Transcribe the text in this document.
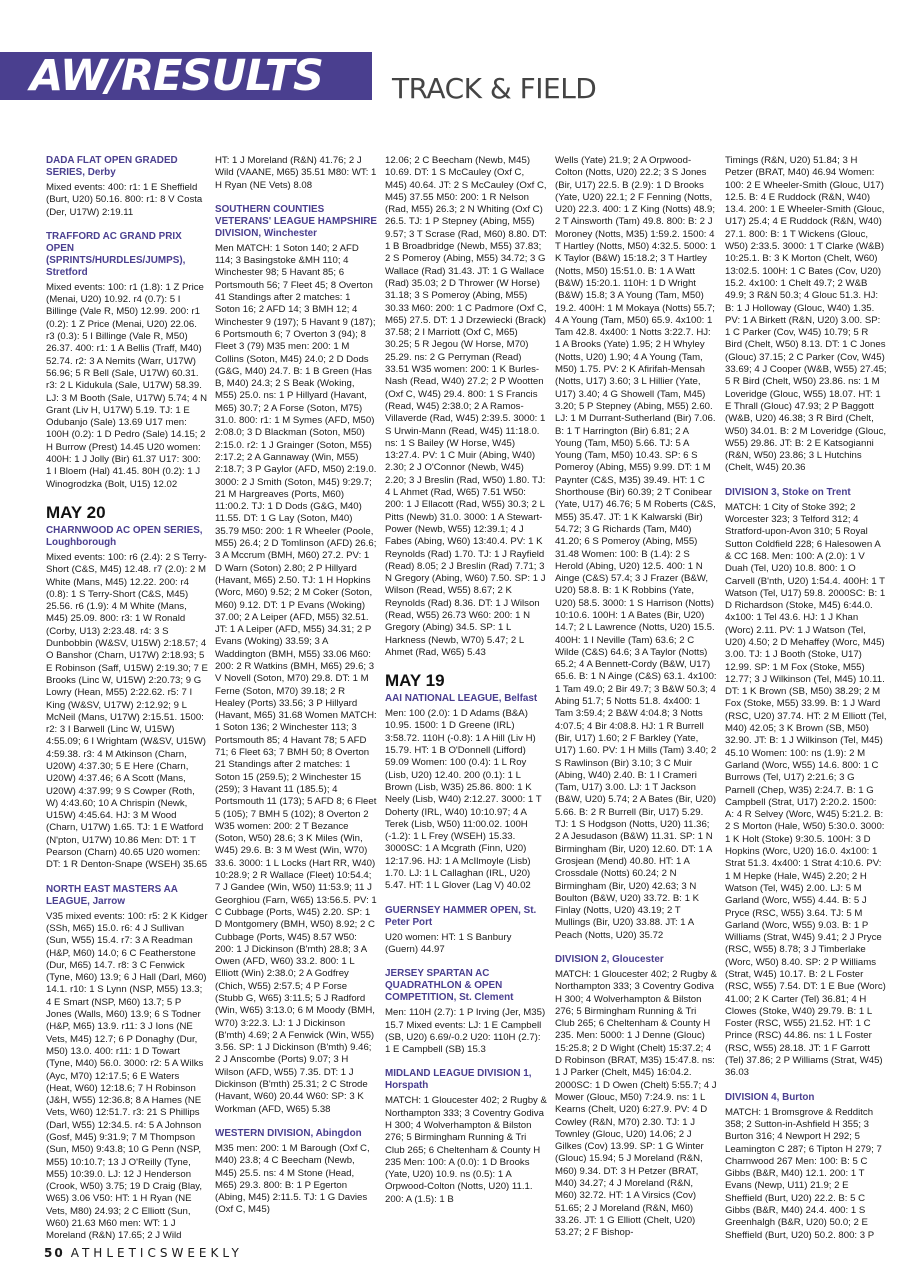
AW/RESULTS TRACK & FIELD
DADA FLAT OPEN GRADED SERIES, Derby

Mixed events: 400: r1: 1 E Sheffield (Burt, U20) 50.16. 800: r1: 8 V Costa (Der, U17W) 2:19.11

TRAFFORD AC GRAND PRIX OPEN (SPRINTS/HURDLES/JUMPS), Stretford

Mixed events: 100: r1 (1.8): 1 Z Price (Menai, U20) 10.92. r4 (0.7): 5 I Billinge (Vale R, M50) 12.99. 200: r1 (0.2): 1 Z Price (Menai, U20) 22.06. r3 (0.3): 5 I Billinge (Vale R, M50) 26.37. 400: r1: 1 A Bellis (Traff, M40) 52.74. r2: 3 A Nemits (Warr, U17W) 56.96; 5 R Bell (Sale, U17W) 60.31. r3: 2 L Kidukula (Sale, U17W) 58.39. LJ: 3 M Booth (Sale, U17W) 5.74; 4 N Grant (Liv H, U17W) 5.19. TJ: 1 E Odubanjo (Sale) 13.69 U17 men: 100H (0.2): 1 D Pedro (Sale) 14.15; 2 H Burrow (Prest) 14.45 U20 women: 400H: 1 J Jolly (Bir) 61.37 U17: 300: 1 I Bloem (Hal) 41.45. 80H (0.2): 1 J Winogrodzka (Bolt, U15) 12.02

MAY 20
CHARNWOOD AC OPEN SERIES, Loughborough

Mixed events: 100: r6 (2.4): 2 S Terry-Short (C&S, M45) 12.48. r7 (2.0): 2 M White (Mans, M45) 12.22. 200: r4 (0.8): 1 S Terry-Short (C&S, M45) 25.56. r6 (1.9): 4 M White (Mans, M45) 25.09. 800: r3: 1 W Ronald (Corby, U13) 2:23.48. r4: 3 S Dunbobbin (W&SV, U15W) 2:18.57; 4 O Banshor (Charn, U17W) 2:18.93; 5 E Robinson (Saff, U15W) 2:19.30; 7 E Brooks (Linc W, U15W) 2:20.73; 9 G Lowry (Hean, M55) 2:22.62. r5: 7 I King (W&SV, U17W) 2:12.92; 9 L McNeil (Mans, U17W) 2:15.51. 1500: r2: 3 I Barwell (Linc W, U15W) 4:55.09; 6 I Wrightam (W&SV, U15W) 4:59.38. r3: 4 M Atkinson (Charn, U20W) 4:37.30; 5 E Here (Charn, U20W) 4:37.46; 6 A Scott (Mans, U20W) 4:37.99; 9 S Cowper (Roth, W) 4:43.60; 10 A Chrispin (Newk, U15W) 4:45.64. HJ: 3 M Wood (Charn, U17W) 1.65. TJ: 1 E Watford (N'pton, U17W) 10.86 Men: DT: 1 T Pearson (Charn) 40.65 U20 women: DT: 1 R Denton-Snape (WSEH) 35.65

NORTH EAST MASTERS AA LEAGUE, Jarrow

V35 mixed events: 100: r5: 2 K Kidger (SSh, M65) 15.0. r6: 4 J Sullivan (Sun, W55) 15.4. r7: 3 A Readman (H&P, M60) 14.0; 6 C Featherstone (Dur, M65) 14.7. r8: 3 C Fenwick (Tyne, M60) 13.9; 6 J Hall (Darl, M60) 14.1. r10: 1 S Lynn (NSP, M55) 13.3; 4 E Smart (NSP, M60) 13.7; 5 P Jones (Walls, M60) 13.9; 6 S Todner (H&P, M65) 13.9. r11: 3 J Ions (NE Vets, M45) 12.7; 6 P Donaghy (Dur, M50) 13.0. 400: r11: 1 D Towart (Tyne, M40) 56.0. 3000: r2: 5 A Wilks (Ayc, M70) 12:17.5; 6 E Waters (Heat, W60) 12:18.6; 7 H Robinson (J&H, W55) 12:36.8; 8 A Hames (NE Vets, W60) 12:51.7. r3: 21 S Phillips (Darl, W55) 12:34.5. r4: 5 A Johnson (Gosf, M45) 9:31.9; 7 M Thompson (Sun, M50) 9:43.8; 10 G Penn (NSP, M55) 10:10.7; 13 J O'Reilly (Tyne, M55) 10:39.0. LJ: 12 J Henderson (Crook, W50) 3.75; 19 D Craig (Blay, W65) 3.06 V50: HT: 1 H Ryan (NE Vets, M80) 24.93; 2 C Elliott (Sun, W60) 21.63 M60 men: WT: 1 J Moreland (R&N) 17.65; 2 J Wild

HT: 1 J Moreland (R&N) 41.76; 2 J Wild (VAANE, M65) 35.51 M80: WT: 1 H Ryan (NE Vets) 8.08

SOUTHERN COUNTIES VETERANS' LEAGUE HAMPSHIRE DIVISION, Winchester

Men MATCH: 1 Soton 140; 2 AFD 114; 3 Basingstoke &MH 110; 4 Winchester 98; 5 Havant 85; 6 Portsmouth 56; 7 Fleet 45; 8 Overton 41 Standings after 2 matches: 1 Soton 16; 2 AFD 14; 3 BMH 12; 4 Winchester 9 (197); 5 Havant 9 (187); 6 Portsmouth 6; 7 Overton 3 (94); 8 Fleet 3 (79) M35 men: 200: 1 M Collins (Soton, M45) 24.0; 2 D Dods (G&G, M40) 24.7. B: 1 B Green (Has B, M40) 24.3; 2 S Beak (Woking, M55) 25.0. ns: 1 P Hillyard (Havant, M65) 30.7; 2 A Forse (Soton, M75) 31.0. 800: r1: 1 M Symes (AFD, M50) 2:08.0; 3 D Blackman (Soton, M50) 2:15.0. r2: 1 J Grainger (Soton, M55) 2:17.2; 2 A Gannaway (Win, M55) 2:18.7; 3 P Gaylor (AFD, M50) 2:19.0. 3000: 2 J Smith (Soton, M45) 9:29.7; 21 M Hargreaves (Ports, M60) 11:00.2. TJ: 1 D Dods (G&G, M40) 11.55. DT: 1 G Lay (Soton, M40) 35.79 M50: 200: 1 R Wheeler (Poole, M55) 26.4; 2 D Tomlinson (AFD) 26.6; 3 A Mccrum (BMH, M60) 27.2. PV: 1 D Warn (Soton) 2.80; 2 P Hillyard (Havant, M65) 2.50. TJ: 1 H Hopkins (Worc, M60) 9.52; 2 M Coker (Soton, M60) 9.12. DT: 1 P Evans (Woking) 37.00; 2 A Leiper (AFD, M55) 32.51. JT: 1 A Leiper (AFD, M55) 34.31; 2 P Evans (Woking) 33.59; 3 A Waddington (BMH, M55) 33.06 M60: 200: 2 R Watkins (BMH, M65) 29.6; 3 V Novell (Soton, M70) 29.8. DT: 1 M Ferne (Soton, M70) 39.18; 2 R Healey (Ports) 33.56; 3 P Hillyard (Havant, M65) 31.68 Women MATCH: 1 Soton 136; 2 Winchester 113; 3 Portsmouth 85; 4 Havant 78; 5 AFD 71; 6 Fleet 63; 7 BMH 50; 8 Overton 21 Standings after 2 matches: 1 Soton 15 (259.5); 2 Winchester 15 (259); 3 Havant 11 (185.5); 4 Portsmouth 11 (173); 5 AFD 8; 6 Fleet 5 (105); 7 BMH 5 (102); 8 Overton 2 W35 women: 200: 2 T Bezance (Soton, W50) 28.6; 3 K Miles (Win, W45) 29.6. B: 3 M West (Win, W70) 33.6. 3000: 1 L Locks (Hart RR, W40) 10:28.9; 2 R Wallace (Fleet) 10:54.4; 7 J Gandee (Win, W50) 11:53.9; 11 J Georghiou (Farn, W65) 13:56.5. PV: 1 C Cubbage (Ports, W45) 2.20. SP: 1 D Montgomery (BMH, W50) 8.92; 2 C Cubbage (Ports, W45) 8.57 W50: 200: 1 J Dickinson (B'mth) 28.8; 3 A Owen (AFD, W60) 33.2. 800: 1 L Elliott (Win) 2:38.0; 2 A Godfrey (Chich, W55) 2:57.5; 4 P Forse (Stubb G, W65) 3:11.5; 5 J Radford (Win, W65) 3:13.0; 6 M Moody (BMH, W70) 3:22.3. LJ: 1 J Dickinson (B'mth) 4.69; 2 A Fenwick (Win, W55) 3.56. SP: 1 J Dickinson (B'mth) 9.46; 2 J Anscombe (Ports) 9.07; 3 H Wilson (AFD, W55) 7.35. DT: 1 J Dickinson (B'mth) 25.31; 2 C Strode (Havant, W60) 20.44 W60: SP: 3 K Workman (AFD, W65) 5.38

WESTERN DIVISION, Abingdon

M35 men: 200: 1 M Barough (Oxf C, M40) 23.8; 4 C Beecham (Newb, M45) 25.5. ns: 4 M Stone (Head, M65) 29.3. 800: B: 1 P Egerton (Abing, M45) 2:11.5. TJ: 1 G Davies (Oxf C, M45)

12.06; 2 C Beecham (Newb, M45) 10.69. DT: 1 S McCauley (Oxf C, M45) 40.64. JT: 2 S McCauley (Oxf C, M45) 37.55 M50: 200: 1 R Nelson (Rad, M55) 26.3; 2 N Whiting (Oxf C) 26.5. TJ: 1 P Stepney (Abing, M55) 9.57; 3 T Scrase (Rad, M60) 8.80. DT: 1 B Broadbridge (Newb, M55) 37.83; 2 S Pomeroy (Abing, M55) 34.72; 3 G Wallace (Rad) 31.43. JT: 1 G Wallace (Rad) 35.03; 2 D Thrower (W Horse) 31.18; 3 S Pomeroy (Abing, M55) 30.33 M60: 200: 1 C Padmore (Oxf C, M65) 27.5. DT: 1 J Drzewiecki (Brack) 37.58; 2 I Marriott (Oxf C, M65) 30.25; 5 R Jegou (W Horse, M70) 25.29. ns: 2 G Perryman (Read) 33.51 W35 women: 200: 1 K Burles-Nash (Read, W40) 27.2; 2 P Wootten (Oxf C, W45) 29.4. 800: 1 S Francis (Read, W45) 2:38.0; 2 A Ramos-Villaverde (Rad, W45) 2:39.5. 3000: 1 S Urwin-Mann (Read, W45) 11:18.0. ns: 1 S Bailey (W Horse, W45) 13:27.4. PV: 1 C Muir (Abing, W40) 2.30; 2 J O'Connor (Newb, W45) 2.20; 3 J Breslin (Rad, W50) 1.80. TJ: 4 L Ahmet (Rad, W65) 7.51 W50: 200: 1 J Ellacott (Rad, W55) 30.3; 2 L Pitts (Newb) 31.0. 3000: 1 A Stewart-Power (Newb, W55) 12:39.1; 4 J Fabes (Abing, W60) 13:40.4. PV: 1 K Reynolds (Rad) 1.70. TJ: 1 J Rayfield (Read) 8.05; 2 J Breslin (Rad) 7.71; 3 N Gregory (Abing, W60) 7.50. SP: 1 J Wilson (Read, W55) 8.67; 2 K Reynolds (Rad) 8.36. DT: 1 J Wilson (Read, W55) 26.73 W60: 200: 1 N Gregory (Abing) 34.5. SP: 1 L Harkness (Newb, W70) 5.47; 2 L Ahmet (Rad, W65) 5.43

MAY 19
AAI NATIONAL LEAGUE, Belfast

Men: 100 (2.0): 1 D Adams (B&A) 10.95. 1500: 1 D Greene (IRL) 3:58.72. 110H (-0.8): 1 A Hill (Liv H) 15.79. HT: 1 B O'Donnell (Lifford) 59.09 Women: 100 (0.4): 1 L Roy (Lisb, U20) 12.40. 200 (0.1): 1 L Brown (Lisb, W35) 25.86. 800: 1 K Neely (Lisb, W40) 2:12.27. 3000: 1 T Doherty (IRL, W40) 10:10.97; 4 A Terek (Lisb, W50) 11:00.02. 100H (-1.2): 1 L Frey (WSEH) 15.33. 3000SC: 1 A Mcgrath (Finn, U20) 12:17.96. HJ: 1 A McIlmoyle (Lisb) 1.70. LJ: 1 L Callaghan (IRL, U20) 5.47. HT: 1 L Glover (Lag V) 40.02

GUERNSEY HAMMER OPEN, St. Peter Port

U20 women: HT: 1 S Banbury (Guern) 44.97

JERSEY SPARTAN AC QUADRATHLON & OPEN COMPETITION, St. Clement

Men: 110H (2.7): 1 P Irving (Jer, M35) 15.7 Mixed events: LJ: 1 E Campbell (SB, U20) 6.69/-0.2 U20: 110H (2.7): 1 E Campbell (SB) 15.3

MIDLAND LEAGUE DIVISION 1, Horspath

MATCH: 1 Gloucester 402; 2 Rugby & Northampton 333; 3 Coventry Godiva H 300; 4 Wolverhampton & Bilston 276; 5 Birmingham Running & Tri Club 265; 6 Cheltenham & County H 235 Men: 100: A (0.0): 1 D Brooks (Yate, U20) 10.9. ns (0.5): 1 A Orpwood-Colton (Notts, U20) 11.1. 200: A (1.5): 1 B

Wells (Yate) 21.9; 2 A Orpwood-Colton (Notts, U20) 22.2; 3 S Jones (Bir, U17) 22.5. B (2.9): 1 D Brooks (Yate, U20) 22.1; 2 F Fenning (Notts, U20) 22.3. 400: 1 Z King (Notts) 48.9; 2 T Ainsworth (Tam) 49.8. 800: B: 2 J Moroney (Notts, M35) 1:59.2. 1500: 4 T Hartley (Notts, M50) 4:32.5. 5000: 1 K Taylor (B&W) 15:18.2; 3 T Hartley (Notts, M50) 15:51.0. B: 1 A Watt (B&W) 15:20.1. 110H: 1 D Wright (B&W) 15.8; 3 A Young (Tam, M50) 19.2. 400H: 1 M Mokaya (Notts) 55.7; 4 A Young (Tam, M50) 65.9. 4x100: 1 Tam 42.8. 4x400: 1 Notts 3:22.7. HJ: 1 A Brooks (Yate) 1.95; 2 H Whyley (Notts, U20) 1.90; 4 A Young (Tam, M50) 1.75. PV: 2 K Afirifah-Mensah (Notts, U17) 3.60; 3 L Hillier (Yate, U17) 3.40; 4 G Showell (Tam, M45) 3.20; 5 P Stepney (Abing, M55) 2.60. LJ: 1 M Durrant-Sutherland (Bir) 7.06. B: 1 T Harrington (Bir) 6.81; 2 A Young (Tam, M50) 5.66. TJ: 5 A Young (Tam, M50) 10.43. SP: 6 S Pomeroy (Abing, M55) 9.99. DT: 1 M Paynter (C&S, M35) 39.49. HT: 1 C Shorthouse (Bir) 60.39; 2 T Conibear (Yate, U17) 46.76; 5 M Roberts (C&S, M55) 35.47. JT: 1 K Kalwarski (Bir) 54.72; 3 G Richards (Tam, M40) 41.20; 6 S Pomeroy (Abing, M55) 31.48 Women: 100: B (1.4): 2 S Herold (Abing, U20) 12.5. 400: 1 N Ainge (C&S) 57.4; 3 J Frazer (B&W, U20) 58.8. B: 1 K Robbins (Yate, U20) 58.5. 3000: 1 S Harrison (Notts) 10:10.6. 100H: 1 A Bates (Bir, U20) 14.7; 2 L Lawrence (Notts, U20) 15.5. 400H: 1 I Neville (Tam) 63.6; 2 C Wilde (C&S) 64.6; 3 A Taylor (Notts) 65.2; 4 A Bennett-Cordy (B&W, U17) 65.6. B: 1 N Ainge (C&S) 63.1. 4x100: 1 Tam 49.0; 2 Bir 49.7; 3 B&W 50.3; 4 Abing 51.7; 5 Notts 51.8. 4x400: 1 Tam 3:59.4; 2 B&W 4:04.8; 3 Notts 4:07.5; 4 Bir 4:08.8. HJ: 1 R Burrell (Bir, U17) 1.60; 2 F Barkley (Yate, U17) 1.60. PV: 1 H Mills (Tam) 3.40; 2 S Rawlinson (Bir) 3.10; 3 C Muir (Abing, W40) 2.40. B: 1 I Crameri (Tam, U17) 3.00. LJ: 1 T Jackson (B&W, U20) 5.74; 2 A Bates (Bir, U20) 5.66. B: 2 R Burrell (Bir, U17) 5.29. TJ: 1 S Hodgson (Notts, U20) 11.36; 2 A Jesudason (B&W) 11.31. SP: 1 N Birmingham (Bir, U20) 12.60. DT: 1 A Grosjean (Mend) 40.80. HT: 1 A Crossdale (Notts) 60.24; 2 N Birmingham (Bir, U20) 42.63; 3 N Boulton (B&W, U20) 33.72. B: 1 K Finlay (Notts, U20) 43.19; 2 T Mullings (Bir, U20) 33.88. JT: 1 A Peach (Notts, U20) 35.72

DIVISION 2, Gloucester

MATCH: 1 Gloucester 402; 2 Rugby & Northampton 333; 3 Coventry Godiva H 300; 4 Wolverhampton & Bilston 276; 5 Birmingham Running & Tri Club 265; 6 Cheltenham & County H 235. Men: 5000: 1 J Denne (Glouc) 15:25.8; 2 D Wight (Chelt) 15:37.2; 4 D Robinson (BRAT, M35) 15:47.8. ns: 1 J Parker (Chelt, M45) 16:04.2. 2000SC: 1 D Owen (Chelt) 5:55.7; 4 J Mower (Glouc, M50) 7:24.9. ns: 1 L Kearns (Chelt, U20) 6:27.9. PV: 4 D Cowley (R&N, M70) 2.30. TJ: 1 J Townley (Glouc, U20) 14.06; 2 J Gilkes (Cov) 13.99. SP: 1 G Winter (Glouc) 15.94; 5 J Moreland (R&N, M60) 9.34. DT: 3 H Petzer (BRAT, M40) 34.27; 4 J Moreland (R&N, M60) 32.72. HT: 1 A Virsics (Cov) 51.65; 2 J Moreland (R&N, M60) 33.26. JT: 1 G Elliott (Chelt, U20) 53.27; 2 F Bishop-

Timings (R&N, U20) 51.84; 3 H Petzer (BRAT, M40) 46.94 Women: 100: 2 E Wheeler-Smith (Glouc, U17) 12.5. B: 4 E Ruddock (R&N, W40) 13.4. 200: 1 E Wheeler-Smith (Glouc, U17) 25.4; 4 E Ruddock (R&N, W40) 27.1. 800: B: 1 T Wickens (Glouc, W50) 2:33.5. 3000: 1 T Clarke (W&B) 10:25.1. B: 3 K Morton (Chelt, W60) 13:02.5. 100H: 1 C Bates (Cov, U20) 15.2. 4x100: 1 Chelt 49.7; 2 W&B 49.9; 3 R&N 50.3; 4 Glouc 51.3. HJ: B: 1 J Holloway (Glouc, W40) 1.35. PV: 1 A Birkett (R&N, U20) 3.00. SP: 1 C Parker (Cov, W45) 10.79; 5 R Bird (Chelt, W50) 8.13. DT: 1 C Jones (Glouc) 37.15; 2 C Parker (Cov, W45) 33.69; 4 J Cooper (W&B, W55) 27.45; 5 R Bird (Chelt, W50) 23.86. ns: 1 M Loveridge (Glouc, W55) 18.07. HT: 1 E Thrall (Glouc) 47.93; 2 P Baggott (W&B, U20) 46.38; 3 R Bird (Chelt, W50) 34.01. B: 2 M Loveridge (Glouc, W55) 29.86. JT: B: 2 E Katsogianni (R&N, W50) 23.86; 3 L Hutchins (Chelt, W45) 20.36

DIVISION 3, Stoke on Trent

MATCH: 1 City of Stoke 392; 2 Worcester 323; 3 Telford 312; 4 Stratford-upon-Avon 310; 5 Royal Sutton Coldfield 228; 6 Halesowen A & CC 168. Men: 100: A (2.0): 1 V Duah (Tel, U20) 10.8. 800: 1 O Carvell (B'nth, U20) 1:54.4. 400H: 1 T Watson (Tel, U17) 59.8. 2000SC: B: 1 D Richardson (Stoke, M45) 6:44.0. 4x100: 1 Tel 43.6. HJ: 1 J Khan (Worc) 2.11. PV: 1 J Watson (Tel, U20) 4.50; 2 D Mehaffey (Worc, M45) 3.00. TJ: 1 J Booth (Stoke, U17) 12.99. SP: 1 M Fox (Stoke, M55) 12.77; 3 J Wilkinson (Tel, M45) 10.11. DT: 1 K Brown (SB, M50) 38.29; 2 M Fox (Stoke, M55) 33.99. B: 1 J Ward (RSC, U20) 37.74. HT: 2 M Elliott (Tel, M40) 42.05; 3 K Brown (SB, M50) 32.90. JT: B: 1 J Wilkinson (Tel, M45) 45.10 Women: 100: ns (1.9): 2 M Garland (Worc, W55) 14.6. 800: 1 C Burrows (Tel, U17) 2:21.6; 3 G Parnell (Chep, W35) 2:24.7. B: 1 G Campbell (Strat, U17) 2:20.2. 1500: A: 4 R Selvey (Worc, W45) 5:21.2. B: 2 S Morton (Hale, W50) 5:30.0. 3000: 1 K Holt (Stoke) 9:30.5. 100H: 3 D Hopkins (Worc, U20) 16.0. 4x100: 1 Strat 51.3. 4x400: 1 Strat 4:10.6. PV: 1 M Hepke (Hale, W45) 2.20; 2 H Watson (Tel, W45) 2.00. LJ: 5 M Garland (Worc, W55) 4.44. B: 5 J Pryce (RSC, W55) 3.64. TJ: 5 M Garland (Worc, W55) 9.03. B: 1 P Williams (Strat, W45) 9.41; 2 J Pryce (RSC, W55) 8.78; 3 J Timberlake (Worc, W50) 8.40. SP: 2 P Williams (Strat, W45) 10.17. B: 2 L Foster (RSC, W55) 7.54. DT: 1 E Bue (Worc) 41.00; 2 K Carter (Tel) 36.81; 4 H Clowes (Stoke, W40) 29.79. B: 1 L Foster (RSC, W55) 21.52. HT: 1 C Prince (RSC) 44.86. ns: 1 L Foster (RSC, W55) 28.18. JT: 1 F Garrott (Tel) 37.86; 2 P Williams (Strat, W45) 36.03

DIVISION 4, Burton

MATCH: 1 Bromsgrove & Redditch 358; 2 Sutton-in-Ashfield H 355; 3 Burton 316; 4 Newport H 292; 5 Leamington C 287; 6 Tipton H 279; 7 Charnwood 267 Men: 100: B: 5 C Gibbs (B&R, M40) 12.1. 200: 1 T Evans (Newp, U11) 21.9; 2 E Sheffield (Burt, U20) 22.2. B: 5 C Gibbs (B&R, M40) 24.4. 400: 1 S Greenhalgh (B&R, U20) 50.0; 2 E Sheffield (Burt, U20) 50.2. 800: 3 P

50 ATHLETICSWEEKLY
